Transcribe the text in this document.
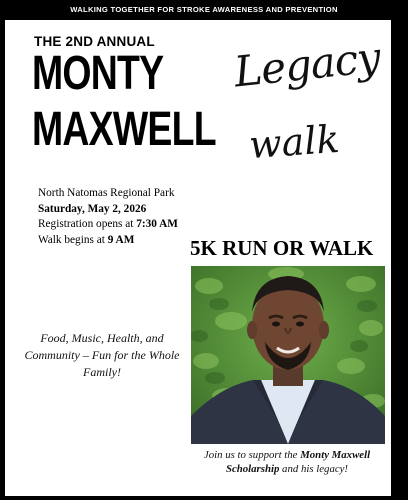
WALKING TOGETHER FOR STROKE AWARENESS AND PREVENTION
THE 2ND ANNUAL
MONTY
MAXWELL
Legacy
walk
North Natomas Regional Park
Saturday, May 2, 2026
Registration opens at 7:30 AM
Walk begins at 9 AM	5K RUN OR WALK
Food, Music, Health, and Community – Fun for the Whole Family!
Join us to support the Monty Maxwell Scholarship and his legacy!
